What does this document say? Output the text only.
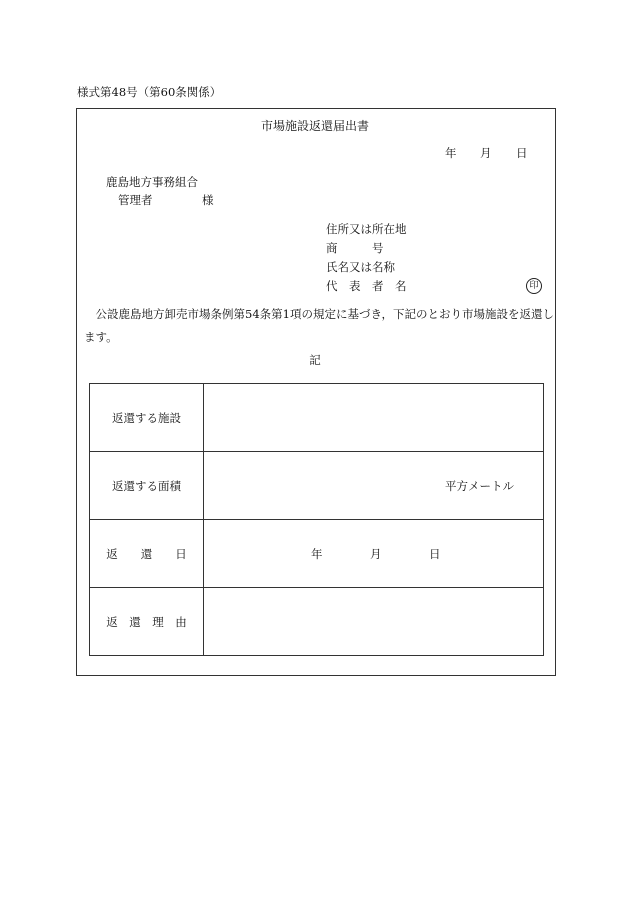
様式第48号（第60条関係）
市場施設返還届出書
年 月 日
鹿島地方事務組合
管理者	様
住所又は所在地
商　　　号
氏名又は名称
代　表　者　名	印
　公設鹿島地方卸売市場条例第54条第1項の規定に基づき，下記のとおり市場施設を返還します。
記
返還する施設	
返還する面積	平方メートル

返　　還　　日	年 月 日

返　還　理　由	
